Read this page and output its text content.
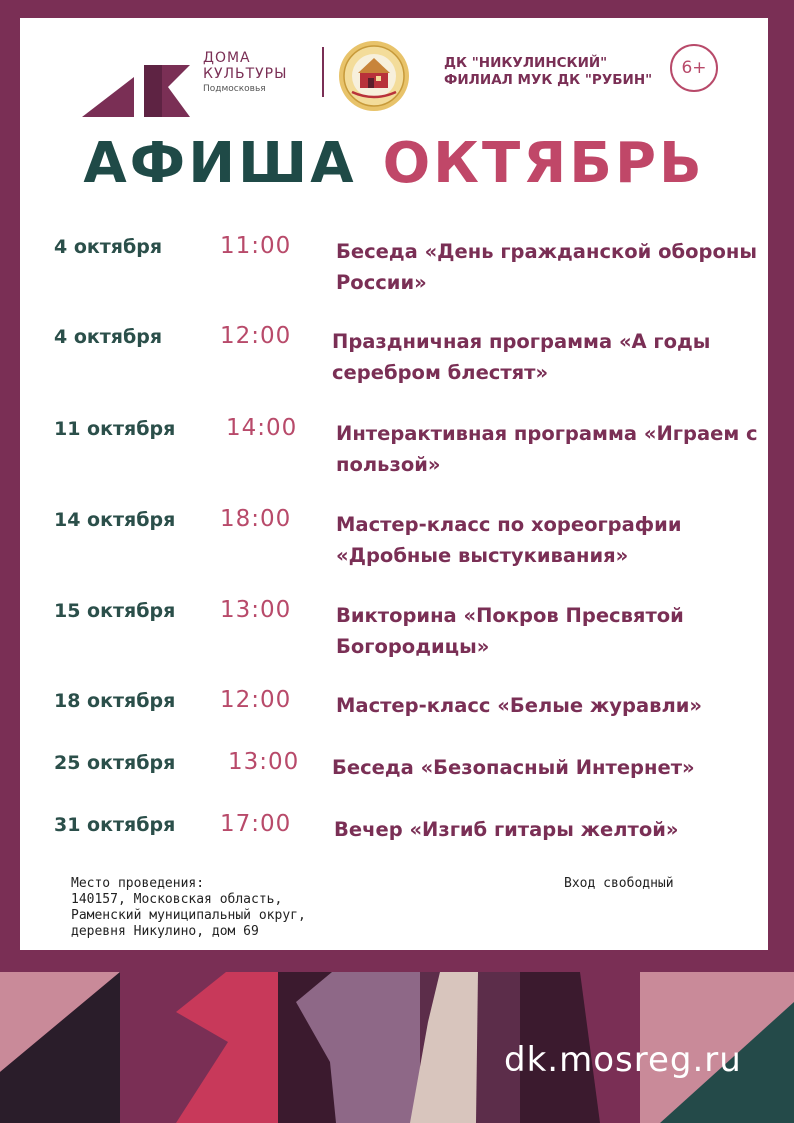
ДОМА
КУЛЬТУРЫ
Подмосковья
ДК "НИКУЛИНСКИЙ"
ФИЛИАЛ МУК ДК "РУБИН"
6+
АФИША ОКТЯБРЬ
4 октября	11:00 Беседа «День гражданской обороны России»
4 октября	12:00 Праздничная программа «А годы серебром блестят»
11 октября 14:00 Интерактивная программа «Играем с пользой»
14 октября 18:00 Мастер-класс по хореографии «Дробные выстукивания»
15 октября 13:00 Викторина «Покров Пресвятой Богородицы»
18 октября 12:00 Мастер-класс «Белые журавли»
25 октября 13:00 Беседа «Безопасный Интернет»
31 октября 17:00 Вечер «Изгиб гитары желтой»
Место проведения:
140157, Московская область,
Раменский муниципальный округ,
деревня Никулино, дом 69
Вход свободный
dk.mosreg.ru
